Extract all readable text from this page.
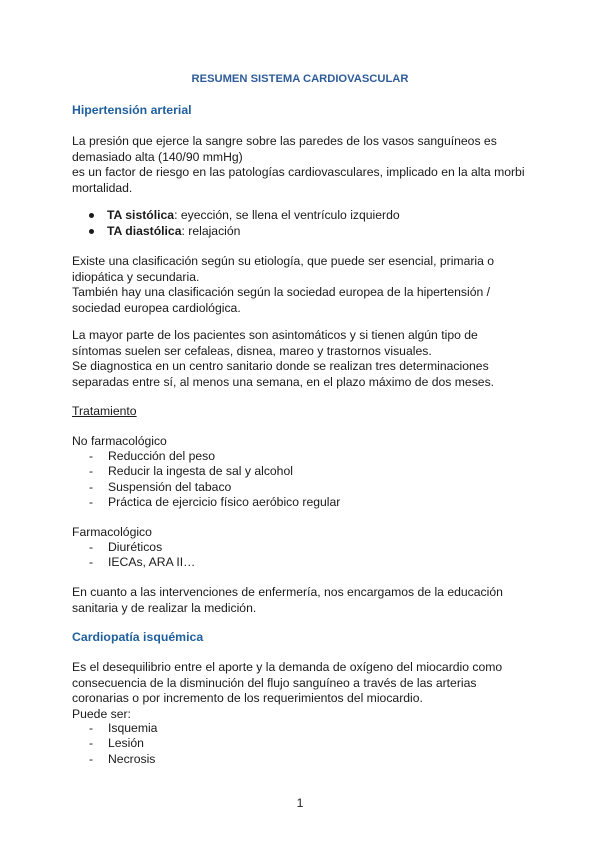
RESUMEN SISTEMA CARDIOVASCULAR
Hipertensión arterial

La presión que ejerce la sangre sobre las paredes de los vasos sanguíneos es demasiado alta (140/90 mmHg)

es un factor de riesgo en las patologías cardiovasculares, implicado en la alta morbi mortalidad.

TA sistólica: eyección, se llena el ventrículo izquierdo
TA diastólica: relajación

Existe una clasificación según su etiología, que puede ser esencial, primaria o idiopática y secundaria.

También hay una clasificación según la sociedad europea de la hipertensión / sociedad europea cardiológica.

La mayor parte de los pacientes son asintomáticos y si tienen algún tipo de síntomas suelen ser cefaleas, disnea, mareo y trastornos visuales.

Se diagnostica en un centro sanitario donde se realizan tres determinaciones separadas entre sí, al menos una semana, en el plazo máximo de dos meses.

Tratamiento
No farmacológico
- Reducción del peso
- Reducir la ingesta de sal y alcohol
- Suspensión del tabaco
- Práctica de ejercicio físico aeróbico regular
Farmacológico
- Diuréticos
- IECAs, ARA II…
En cuanto a las intervenciones de enfermería, nos encargamos de la educación sanitaria y de realizar la medición.
Cardiopatía isquémica

Es el desequilibrio entre el aporte y la demanda de oxígeno del miocardio como consecuencia de la disminución del flujo sanguíneo a través de las arterias coronarias o por incremento de los requerimientos del miocardio.

Puede ser:

- Isquemia
- Lesión
- Necrosis
1
